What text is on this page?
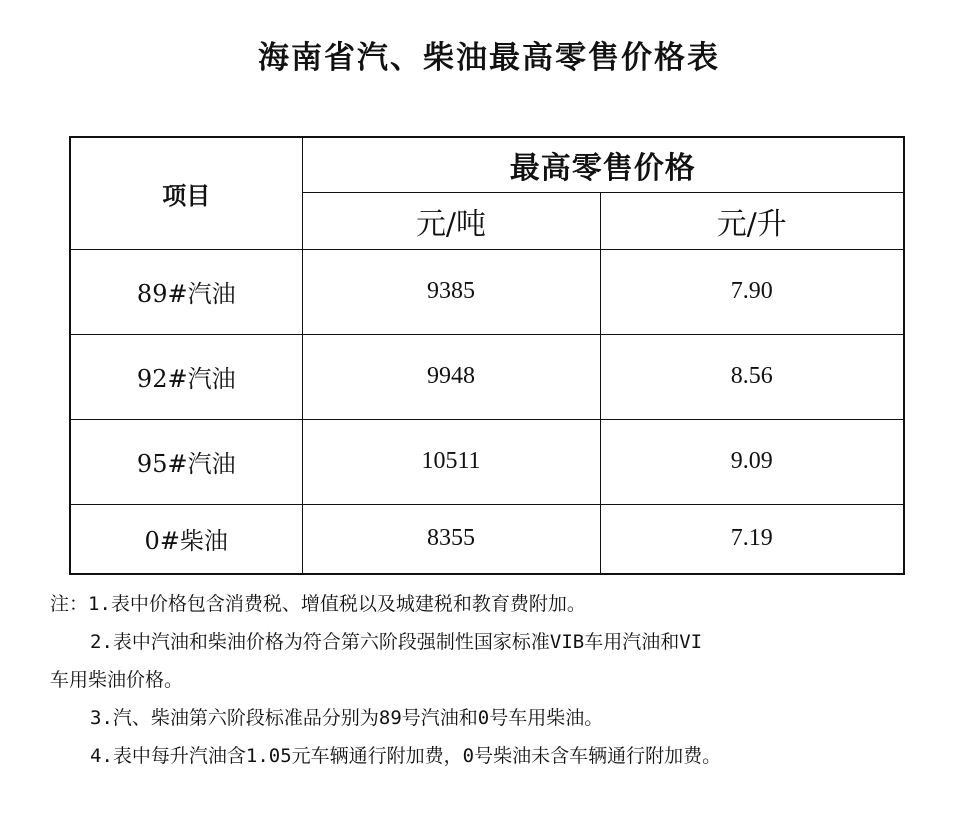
海南省汽、柴油最高零售价格表
项目	最高零售价格	
	元/吨	元/升
89#汽油	9385	7.90
92#汽油	9948	8.56
95#汽油	10511	9.09
0#柴油	8355	7.19
注：1.表中价格包含消费税、增值税以及城建税和教育费附加。
2.表中汽油和柴油价格为符合第六阶段强制性国家标准VIB车用汽油和VI
车用柴油价格。
3.汽、柴油第六阶段标准品分别为89号汽油和0号车用柴油。
4.表中每升汽油含1.05元车辆通行附加费，0号柴油未含车辆通行附加费。
